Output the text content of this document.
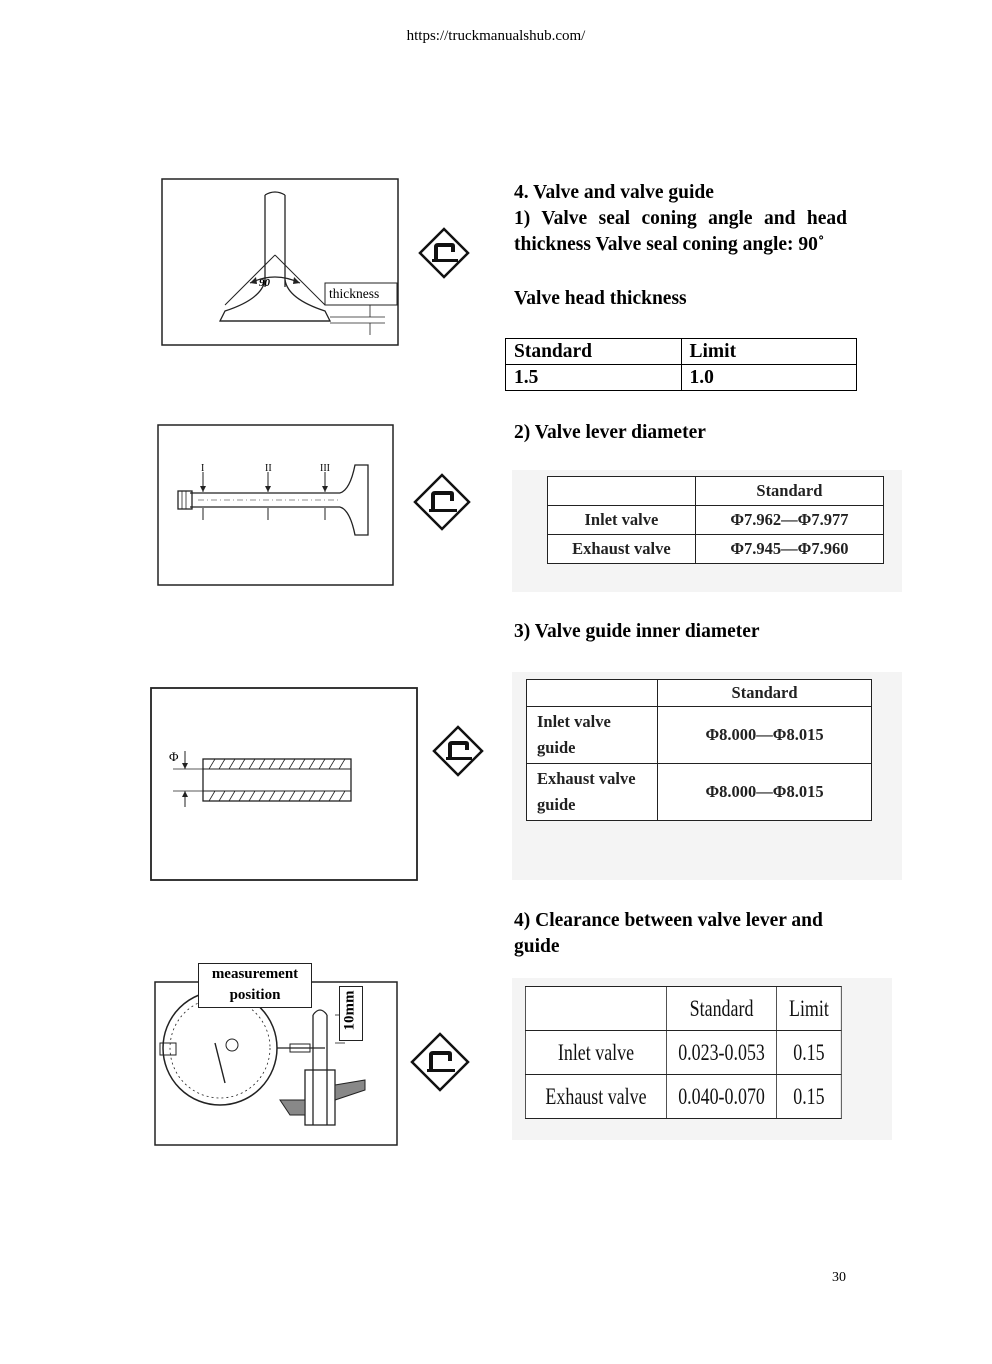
https://truckmanualshub.com/
90
thickness
I	II	III
Φ
measurement
position	10mm
4. Valve and valve guide
1) Valve seal coning angle and head thickness Valve seal coning angle: 90˚
Valve head thickness
Standard	Limit
1.5	1.0
2) Valve lever diameter
	Standard
Inlet valve	Φ7.962—Φ7.977
Exhaust valve	Φ7.945—Φ7.960
3) Valve guide inner diameter
	Standard
Inlet valve guide	Φ8.000—Φ8.015
Exhaust valve guide	Φ8.000—Φ8.015
4) Clearance between valve lever and guide
	Standard	Limit
Inlet valve	0.023-0.053	0.15
Exhaust valve	0.040-0.070	0.15
30
